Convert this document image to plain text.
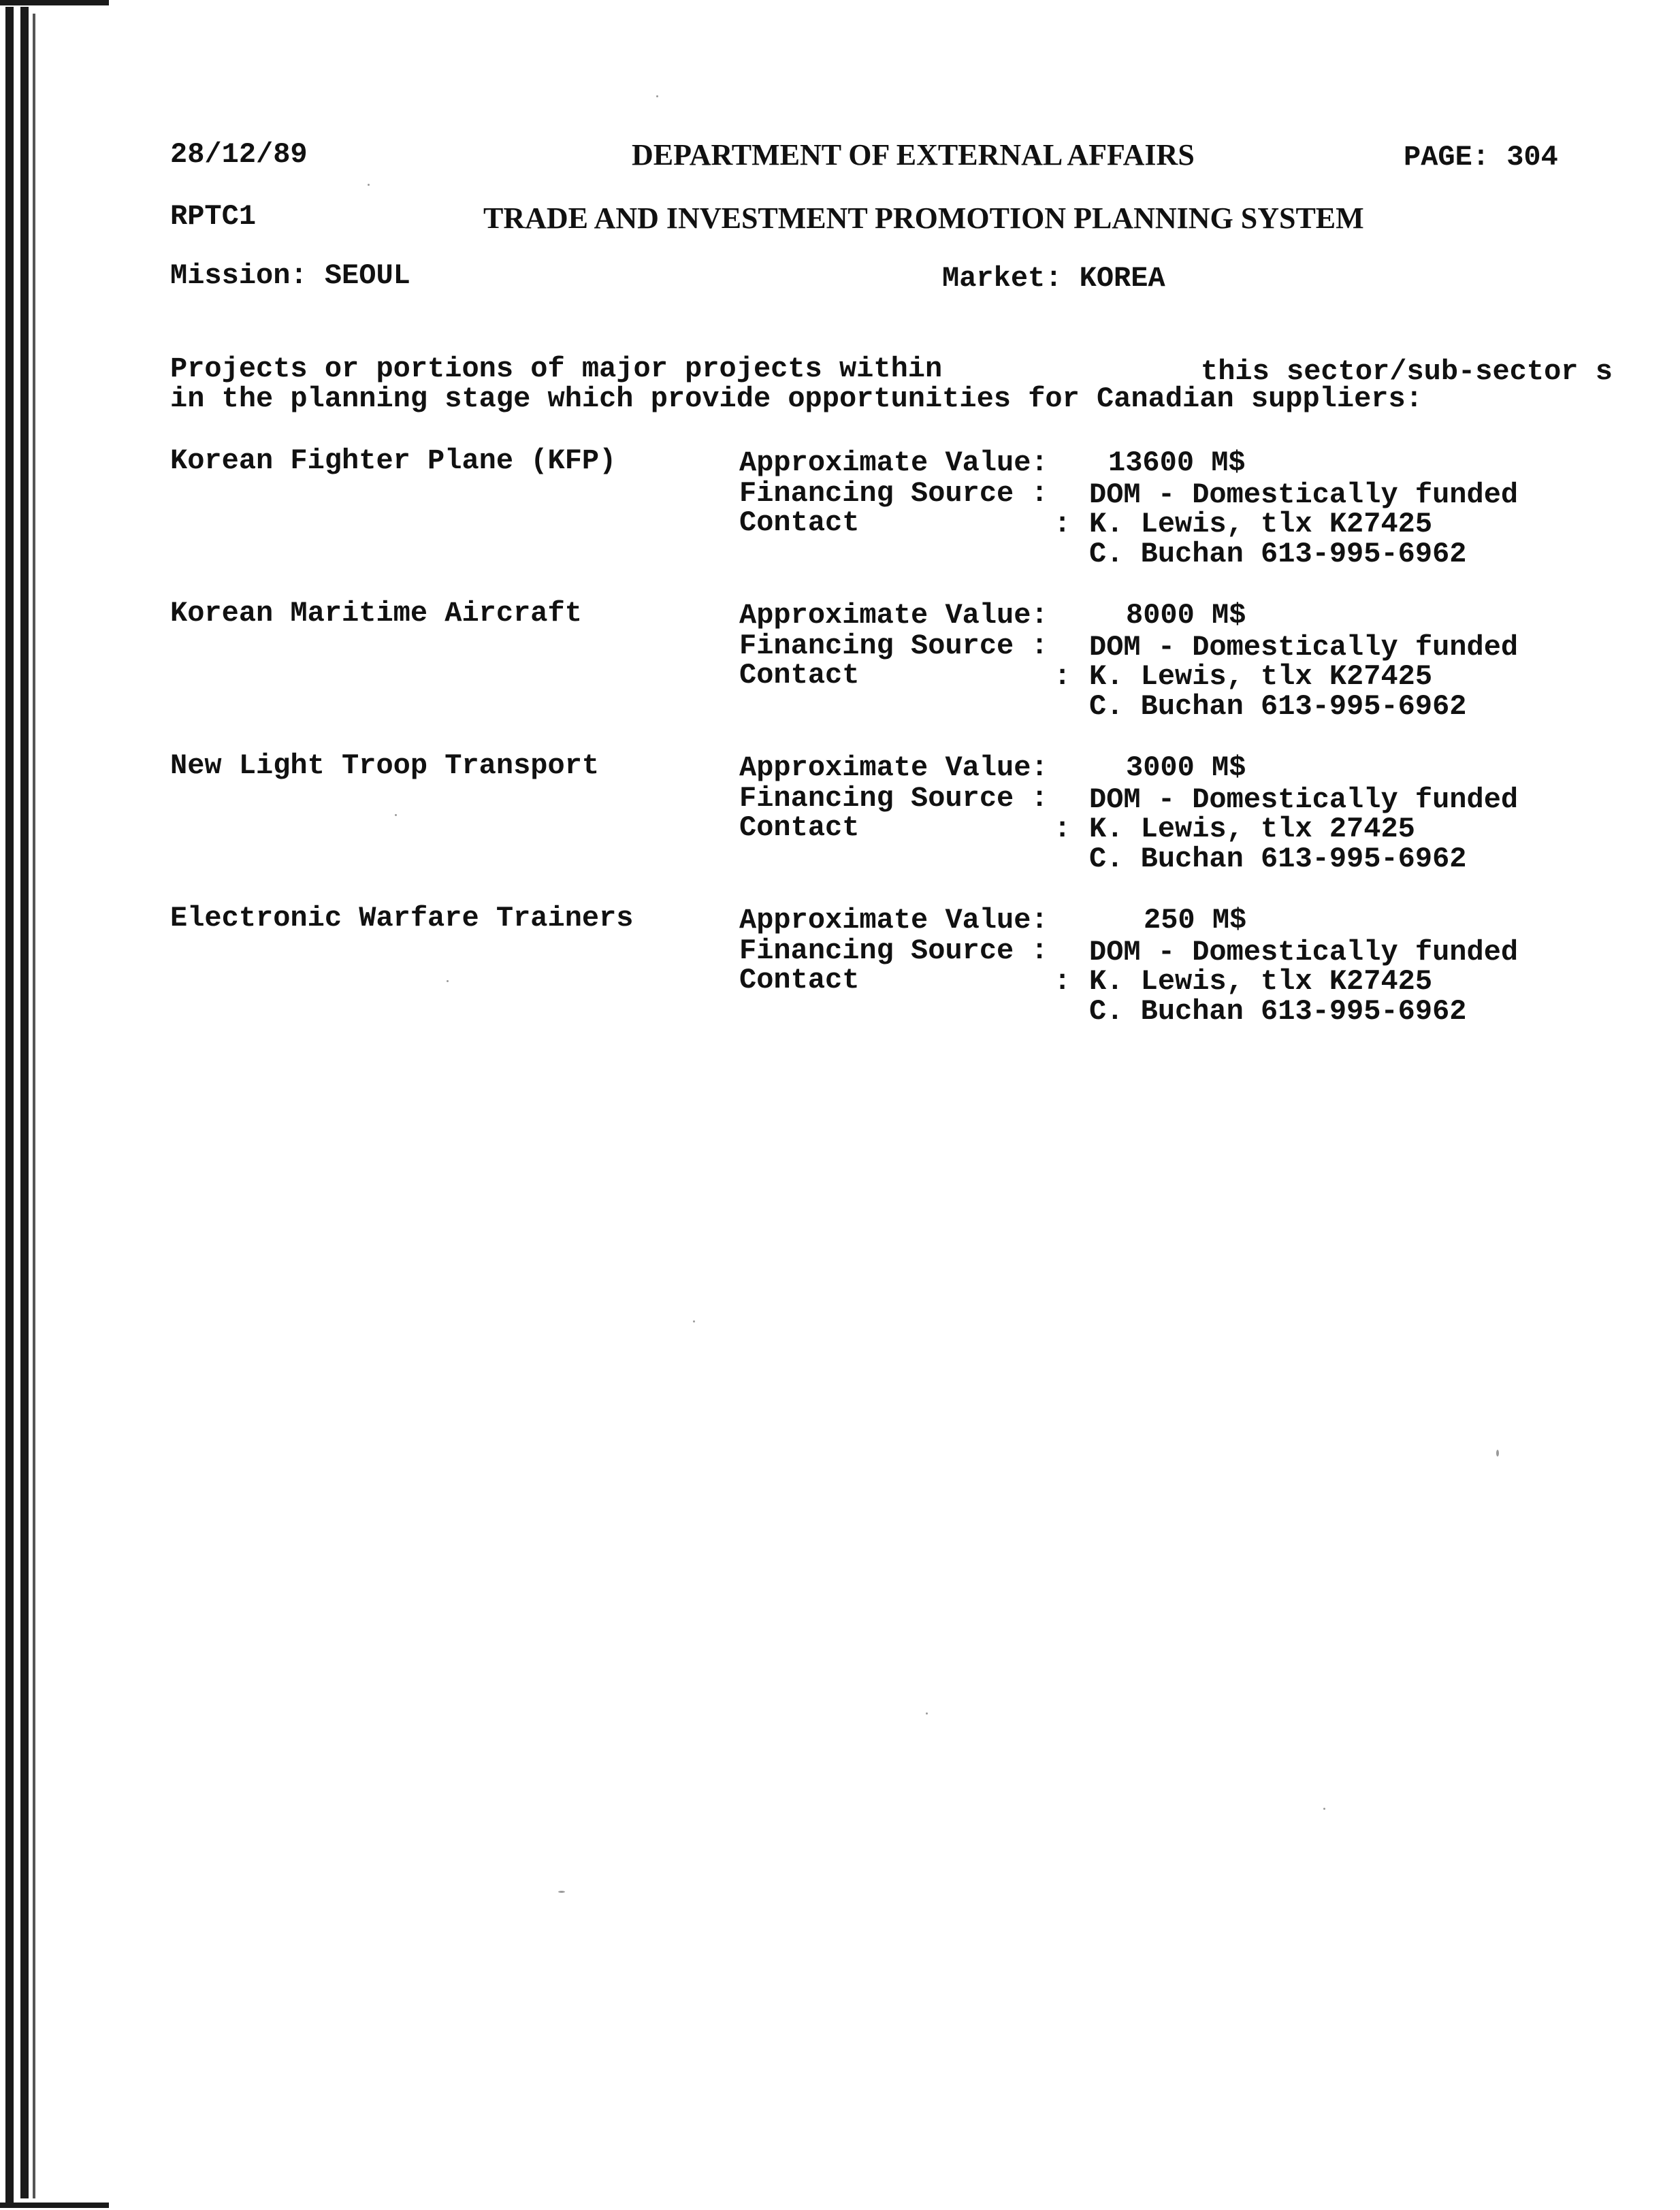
28/12/89	DEPARTMENT OF EXTERNAL AFFAIRS	PAGE: 304
RPTC1	TRADE AND INVESTMENT PROMOTION PLANNING SYSTEM
Mission: SEOUL	Market: KOREA
Projects or portions of major projects within	this sector/sub-sector s
in the planning stage which provide opportunities for Canadian suppliers:
Korean Fighter Plane (KFP)	Approximate Value: 13600 M$
Financing Source : DOM - Domestically funded
Contact	: K. Lewis, tlx K27425
C. Buchan 613-995-6962
Korean Maritime Aircraft	Approximate Value:	8000 M$
Financing Source : DOM - Domestically funded
Contact	: K. Lewis, tlx K27425
C. Buchan 613-995-6962
New Light Troop Transport	Approximate Value:	3000 M$
Financing Source : DOM - Domestically funded
Contact	: K. Lewis, tlx 27425
C. Buchan 613-995-6962
Electronic Warfare Trainers	Approximate Value:	250 M$
Financing Source : DOM - Domestically funded
Contact	: K. Lewis, tlx K27425
C. Buchan 613-995-6962
